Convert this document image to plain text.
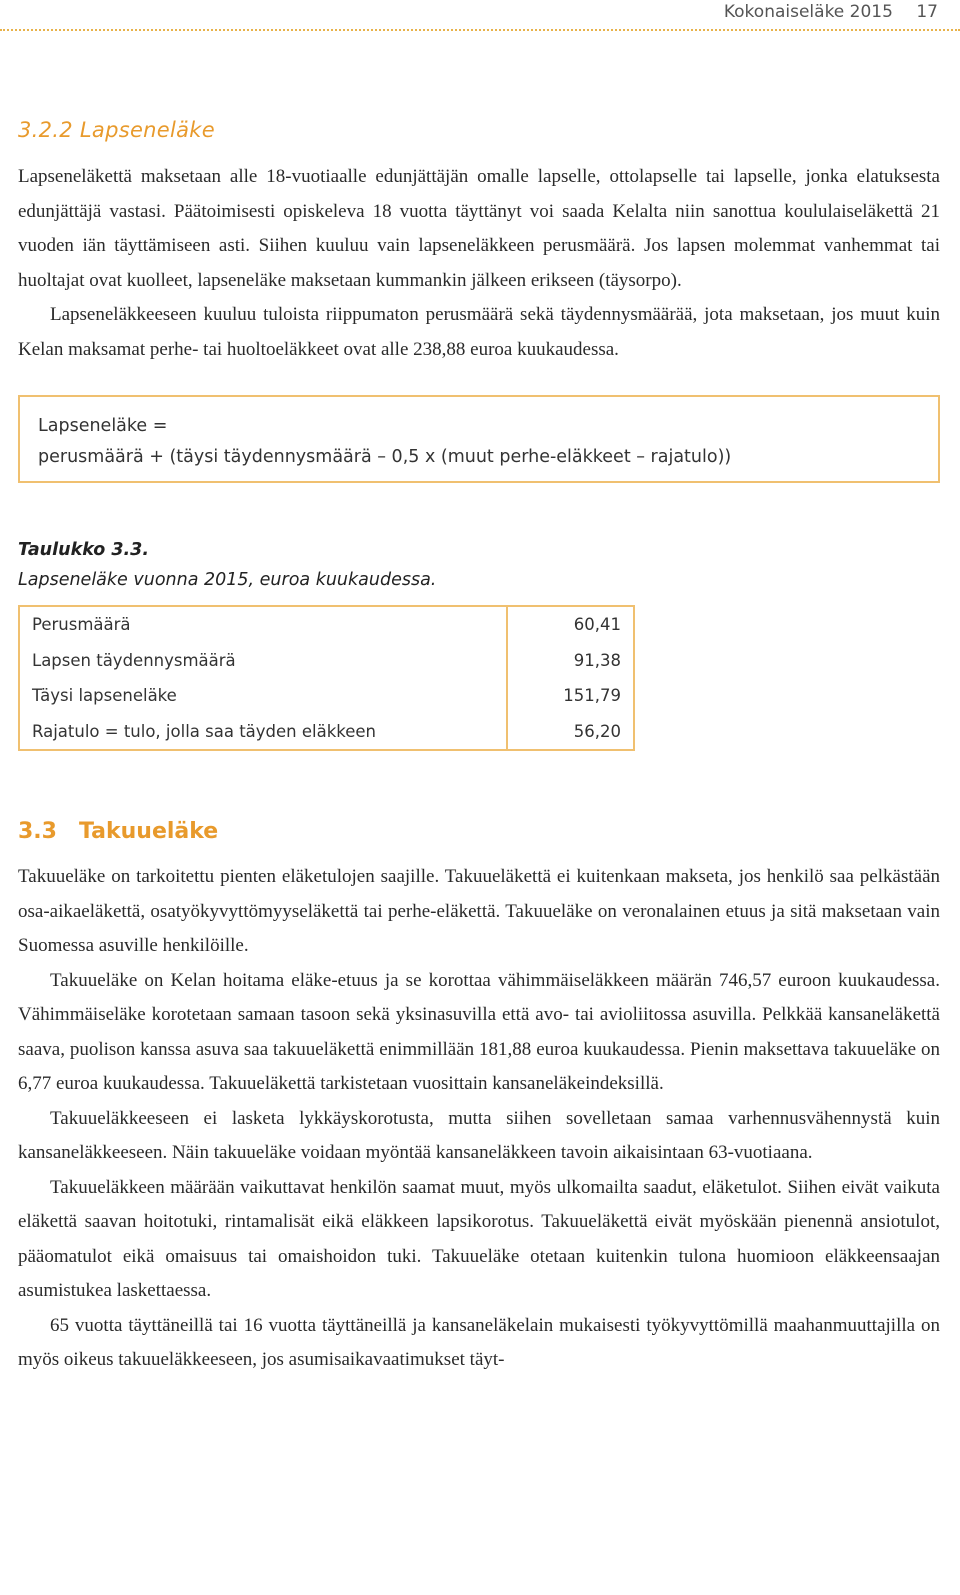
Kokonaiseläke 2015 17
3.2.2 Lapseneläke

Lapseneläkettä maksetaan alle 18-vuotiaalle edunjättäjän omalle lapselle, ottolapselle tai lapselle, jonka elatuksesta edunjättäjä vastasi. Päätoimisesti opiskeleva 18 vuotta täyttänyt voi saada Kelalta niin sanottua koululaiseläkettä 21 vuoden iän täyttämiseen asti. Siihen kuuluu vain lapseneläkkeen perusmäärä. Jos lapsen molemmat vanhemmat tai huoltajat ovat kuolleet, lapseneläke maksetaan kummankin jälkeen erikseen (täysorpo).

Lapseneläkkeeseen kuuluu tuloista riippumaton perusmäärä sekä täydennysmäärää, jota maksetaan, jos muut kuin Kelan maksamat perhe- tai huoltoeläkkeet ovat alle 238,88 euroa kuukaudessa.

Lapseneläke =
perusmäärä + (täysi täydennysmäärä – 0,5 x (muut perhe-eläkkeet – rajatulo))
Taulukko 3.3.
Lapseneläke vuonna 2015, euroa kuukaudessa.
Perusmäärä	60,41
Lapsen täydennysmäärä	91,38
Täysi lapseneläke	151,79
Rajatulo = tulo, jolla saa täyden eläkkeen	56,20
3.3 Takuueläke

Takuueläke on tarkoitettu pienten eläketulojen saajille. Takuueläkettä ei kuitenkaan makseta, jos henkilö saa pelkästään osa-aikaeläkettä, osatyökyvyttömyyseläkettä tai perhe-eläkettä. Takuueläke on veronalainen etuus ja sitä maksetaan vain Suomessa asuville henkilöille.

Takuueläke on Kelan hoitama eläke-etuus ja se korottaa vähimmäiseläkkeen määrän 746,57 euroon kuukaudessa. Vähimmäiseläke korotetaan samaan tasoon sekä yksinasuvilla että avo- tai avioliitossa asuvilla. Pelkkää kansaneläkettä saava, puolison kanssa asuva saa takuueläkettä enimmillään 181,88 euroa kuukaudessa. Pienin maksettava takuueläke on 6,77 euroa kuukaudessa. Takuueläkettä tarkistetaan vuosittain kansaneläkeindeksillä.

Takuueläkkeeseen ei lasketa lykkäyskorotusta, mutta siihen sovelletaan samaa varhennusvähennystä kuin kansaneläkkeeseen. Näin takuueläke voidaan myöntää kansaneläkkeen tavoin aikaisintaan 63-vuotiaana.

Takuueläkkeen määrään vaikuttavat henkilön saamat muut, myös ulkomailta saadut, eläketulot. Siihen eivät vaikuta eläkettä saavan hoitotuki, rintamalisät eikä eläkkeen lapsikorotus. Takuueläkettä eivät myöskään pienennä ansiotulot, pääomatulot eikä omaisuus tai omaishoidon tuki. Takuueläke otetaan kuitenkin tulona huomioon eläkkeensaajan asumistukea laskettaessa.

65 vuotta täyttäneillä tai 16 vuotta täyttäneillä ja kansaneläkelain mukaisesti työkyvyttömillä maahanmuuttajilla on myös oikeus takuueläkkeeseen, jos asumisaikavaatimukset täyt-
